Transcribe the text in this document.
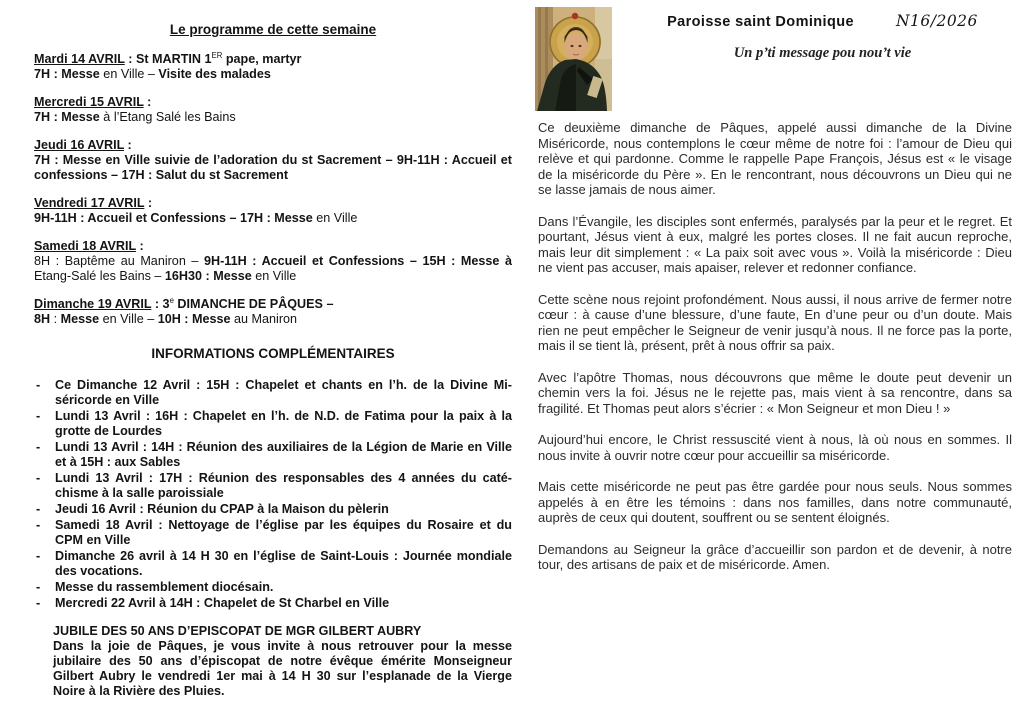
Le programme de cette semaine
Mardi 14 AVRIL : St MARTIN 1ER pape, martyr
7H : Messe en Ville – Visite des malades
Mercredi 15 AVRIL :
7H : Messe à l’Etang Salé les Bains
Jeudi 16 AVRIL :
7H : Messe en Ville suivie de l’adoration du st Sacrement – 9H-11H : Accueil et confessions – 17H : Salut du st Sacrement
Vendredi 17 AVRIL :
9H-11H : Accueil et Confessions – 17H : Messe en Ville
Samedi 18 AVRIL :
8H : Baptême au Maniron – 9H-11H : Accueil et Confessions – 15H : Messe à Etang-Salé les Bains – 16H30 : Messe en Ville
Dimanche 19 AVRIL : 3e DIMANCHE DE PÂQUES –
8H : Messe en Ville – 10H : Messe au Maniron
INFORMATIONS COMPLÉMENTAIRES
- Ce Dimanche 12 Avril : 15H : Chapelet et chants en l’h. de la Divine Miséricorde en Ville
- Lundi 13 Avril : 16H : Chapelet en l’h. de N.D. de Fatima pour la paix à la grotte de Lourdes
- Lundi 13 Avril : 14H : Réunion des auxiliaires de la Légion de Marie en Ville et à 15H : aux Sables
- Lundi 13 Avril : 17H : Réunion des responsables des 4 années du catéchisme à la salle paroissiale
- Jeudi 16 Avril : Réunion du CPAP à la Maison du pèlerin
- Samedi 18 Avril : Nettoyage de l’église par les équipes du Rosaire et du CPM en Ville
- Dimanche 26 avril à 14 H 30 en l’église de Saint-Louis : Journée mondiale des vocations.
- Messe du rassemblement diocésain.
- Mercredi 22 Avril à 14H : Chapelet de St Charbel en Ville
JUBILE DES 50 ANS D’EPISCOPAT DE MGR GILBERT AUBRY
Dans la joie de Pâques, je vous invite à nous retrouver pour la messe jubilaire des 50 ans d’épiscopat de notre évêque émérite Monseigneur Gilbert Aubry le vendredi 1er mai à 14 H 30 sur l’esplanade de la Vierge Noire à la Rivière des Pluies.
Paroisse saint Dominique	N16/2026
Un p’ti message pou nou’t vie

Ce deuxième dimanche de Pâques, appelé aussi dimanche de la Divine Miséricorde, nous contemplons le cœur même de notre foi : l’amour de Dieu qui relève et qui pardonne. Comme le rappelle Pape François, Jésus est « le visage de la miséricorde du Père ». En le rencontrant, nous découvrons un Dieu qui ne se lasse jamais de nous aimer.

Dans l’Évangile, les disciples sont enfermés, paralysés par la peur et le regret. Et pourtant, Jésus vient à eux, malgré les portes closes. Il ne fait aucun reproche, mais leur dit simplement : « La paix soit avec vous ». Voilà la miséricorde : Dieu ne vient pas accuser, mais apaiser, relever et redonner confiance.

Cette scène nous rejoint profondément. Nous aussi, il nous arrive de fermer notre cœur : à cause d’une blessure, d’une faute, En d’une peur ou d’un doute. Mais rien ne peut empêcher le Seigneur de venir jusqu’à nous. Il ne force pas la porte, mais il se tient là, présent, prêt à nous offrir sa paix.

Avec l’apôtre Thomas, nous découvrons que même le doute peut devenir un chemin vers la foi. Jésus ne le rejette pas, mais vient à sa rencontre, dans sa fragilité. Et Thomas peut alors s’écrier : « Mon Seigneur et mon Dieu ! »

Aujourd’hui encore, le Christ ressuscité vient à nous, là où nous en sommes. Il nous invite à ouvrir notre cœur pour accueillir sa miséricorde.

Mais cette miséricorde ne peut pas être gardée pour nous seuls. Nous sommes appelés à en être les témoins : dans nos familles, dans notre communauté, auprès de ceux qui doutent, souffrent ou se sentent éloignés.

Demandons au Seigneur la grâce d’accueillir son pardon et de devenir, à notre tour, des artisans de paix et de miséricorde. Amen.
